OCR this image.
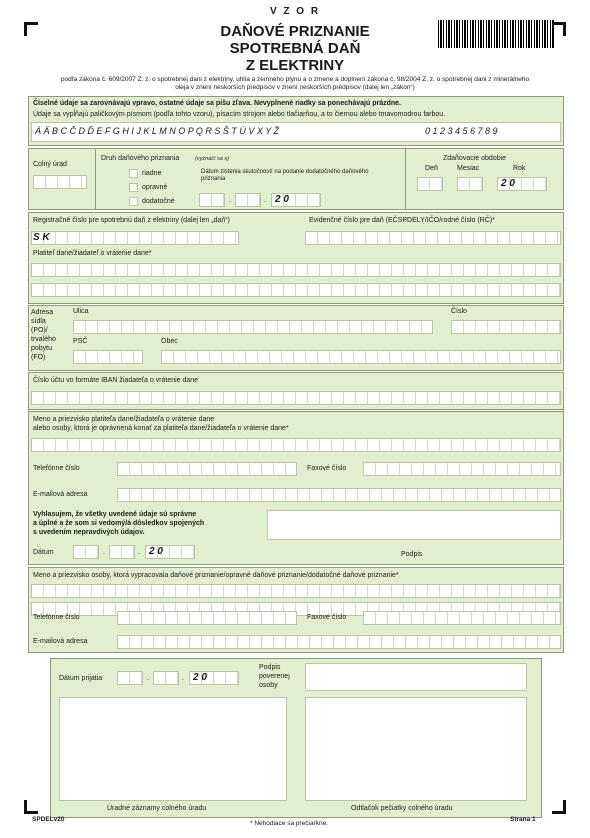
V Z O R
DAŇOVÉ PRIZNANIE
SPOTREBNÁ DAŇ
Z ELEKTRINY
podľa zákona č. 609/2007 Z. z. o spotrebnej dani z elektriny, uhlia a zemného plynu a o zmene a doplnení zákona č. 98/2004 Z. z. o spotrebnej dani z minerálneho oleja v znení neskorších predpisov v znení neskorších predpisov (dalej len „zákon“)
Číselné údaje sa zarovnávajú vpravo, ostatné údaje sa píšu zľava. Nevyplnené riadky sa ponechávajú prázdne.
Údaje sa vypĺňajú paličkovým písmom (podľa tohto vzoru), písacím strojom alebo tlačiarňou, a to čiernou alebo tmavomodrou farbou.
Á Ä B C Č D Ď E F G H I J K L M N O P Q R S Š T Ú V X Y Ž	0 1 2 3 4 5 6 7 8 9
Colný úrad
Druh daňového priznania	(vyznačí sa x)
riadne
opravné
dodatočné
Dátum zistenia skutočností na podanie dodatočného daňového priznania
.	. 2 0
Zdaňovacie obdobie
Deň	Mesiac	Rok
2 0
Registračné číslo pre spotrebnú daň z elektriny (dalej len „daň“)
S K
Evidenčné číslo pre daň (EČSPDELY/IČO/rodné číslo (RČ)*
Platiteľ dane/žiadateľ o vrátenie dane*
Adresa
sídla
(PO)/
trvalého
pobytu
(FO)
Ulica	Číslo
PSČ	Obec
Číslo účtu vo formáte IBAN žiadateľa o vrátenie dane
Meno a priezvisko platiteľa dane/žiadateľa o vrátenie dane
alebo osoby, ktorá je oprávnená konať za platiteľa dane/žiadateľa o vrátenie dane*
Telefónne číslo	Faxové číslo
E-mailová adresa
Vyhlasujem, že všetky uvedené údaje sú správne
a úplné a že som si vedomý/á dôsledkov spojených
s uvedením nepravdivých údajov.
Dátum	.	. 2 0	Podpis
Meno a priezvisko osoby, ktorá vypracovala daňové priznanie/opravné daňové priznanie/dodatočné daňové priznanie*
Telefónne číslo	Faxové číslo
E-mailová adresa
Dátum prijatia	.	. 2 0
Podpis
poverenej
osoby
Úradné záznamy colného úradu	Odtlačok pečiatky colného úradu
SPDELv20
* Nehodiace sa prečiarkne.
Strana 1
